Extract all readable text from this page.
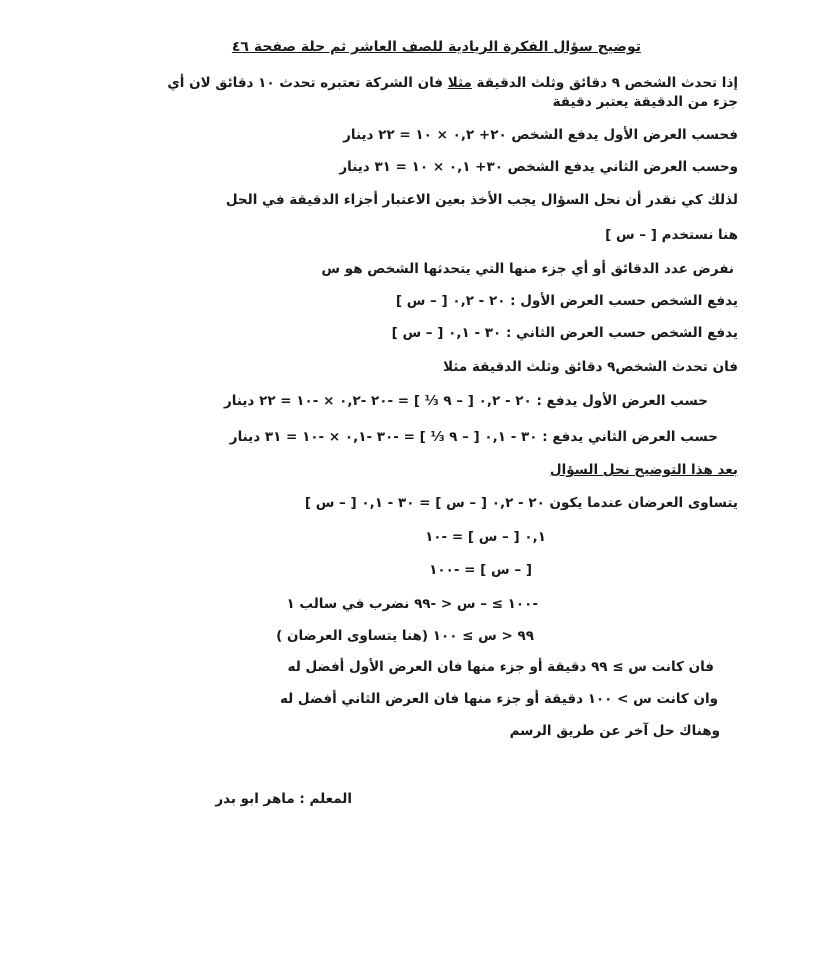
توضيح سؤال الفكرة الريادية للصف العاشر ثم حلة صفحة ٤٦
إذا تحدث الشخص ٩ دقائق وثلث الدقيقة مثلا فان الشركة تعتبره تحدث ١٠ دقائق لان أي
جزء من الدقيقة يعتبر دقيقة
فحسب العرض الأول يدفع الشخص ٢٠+ ٠,٢ × ١٠ = ٢٢ دينار
وحسب العرض الثاني يدفع الشخص ٣٠+ ٠,١ × ١٠ = ٣١ دينار
لذلك كي نقدر أن نحل السؤال يجب الأخذ بعين الاعتبار أجزاء الدقيقة في الحل
هنا نستخدم [ – س ]
نفرض عدد الدقائق أو أي جزء منها التي يتحدثها الشخص هو س
يدفع الشخص حسب العرض الأول : ٢٠ - ٠,٢ [ – س ]
يدفع الشخص حسب العرض الثاني : ٣٠ - ٠,١ [ – س ]
فان تحدث الشخص٩ دقائق وثلث الدقيقة مثلا
حسب العرض الأول يدفع : ٢٠ - ٠,٢ [ – ٩ ⅓ ] = -٢٠ -٠,٢ × -١٠ = ٢٢ دينار
حسب العرض الثاني يدفع : ٣٠ - ٠,١ [ – ٩ ⅓ ] = -٣٠ -٠,١ × -١٠ = ٣١ دينار
بعد هذا التوضيح نحل السؤال
يتساوى العرضان عندما يكون ٢٠ - ٠,٢ [ – س ] = ٣٠ - ٠,١ [ – س ]
٠,١ [ – س ] = -١٠
[ – س ] = -١٠٠
-١٠٠ ≥ – س < -٩٩ نضرب في سالب ١
٩٩ < س ≥ ١٠٠ (هنا يتساوى العرضان )
فان كانت س ≥ ٩٩ دقيقة أو جزء منها فان العرض الأول أفضل له
وان كانت س > ١٠٠ دقيقة أو جزء منها فان العرض الثاني أفضل له
وهناك حل آخر عن طريق الرسم
المعلم : ماهر ابو بدر
